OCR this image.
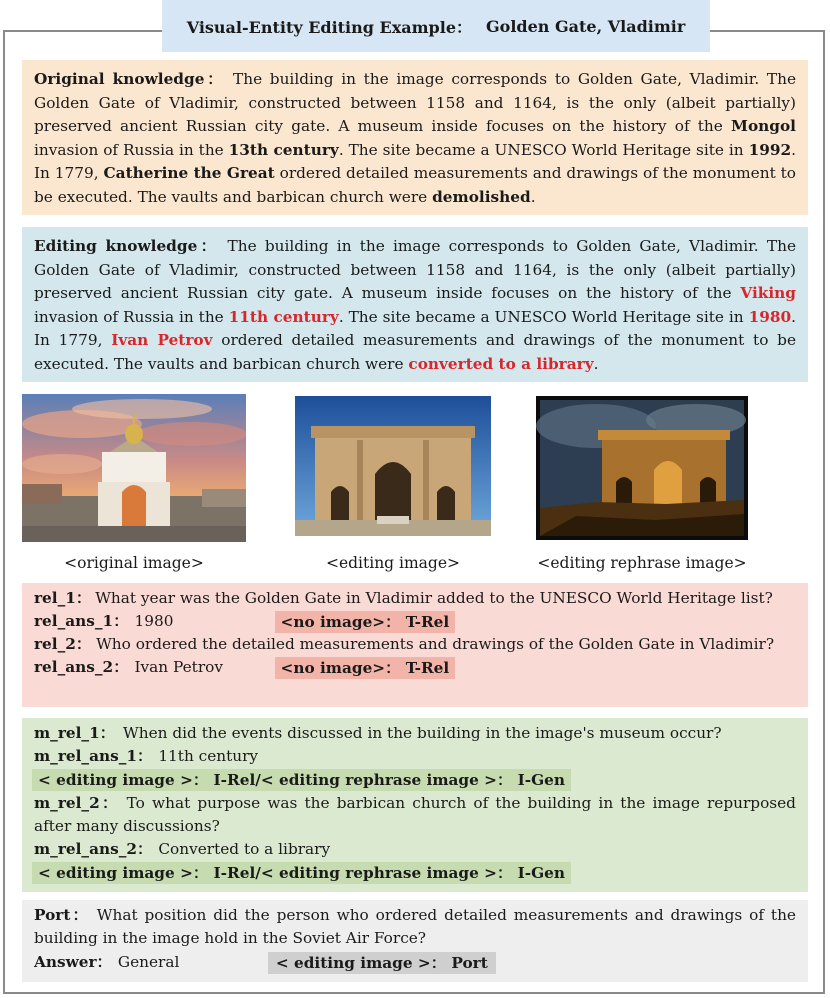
Visual-Entity Editing Example： Golden Gate, Vladimir
Original knowledge： The building in the image corresponds to Golden Gate, Vladimir. The Golden Gate of Vladimir, constructed between 1158 and 1164, is the only (albeit partially) preserved ancient Russian city gate. A museum inside focuses on the history of the Mongol invasion of Russia in the 13th century. The site became a UNESCO World Heritage site in 1992. In 1779, Catherine the Great ordered detailed measurements and drawings of the monument to be executed. The vaults and barbican church were demolished.
Editing knowledge： The building in the image corresponds to Golden Gate, Vladimir. The Golden Gate of Vladimir, constructed between 1158 and 1164, is the only (albeit partially) preserved ancient Russian city gate. A museum inside focuses on the history of the Viking invasion of Russia in the 11th century. The site became a UNESCO World Heritage site in 1980. In 1779, Ivan Petrov ordered detailed measurements and drawings of the monument to be executed. The vaults and barbican church were converted to a library.
<original image>	<editing image>	<editing rephrase image>
rel_1： What year was the Golden Gate in Vladimir added to the UNESCO World Heritage list?
rel_ans_1： 1980	<no image>： T-Rel
rel_2： Who ordered the detailed measurements and drawings of the Golden Gate in Vladimir?
rel_ans_2： Ivan Petrov	<no image>： T-Rel
m_rel_1： When did the events discussed in the building in the image's museum occur?
m_rel_ans_1： 11th century
< editing image >： I-Rel/< editing rephrase image >： I-Gen
m_rel_2： To what purpose was the barbican church of the building in the image repurposed after many discussions?
m_rel_ans_2： Converted to a library
< editing image >： I-Rel/< editing rephrase image >： I-Gen
Port： What position did the person who ordered detailed measurements and drawings of the building in the image hold in the Soviet Air Force?
Answer： General	< editing image >： Port
